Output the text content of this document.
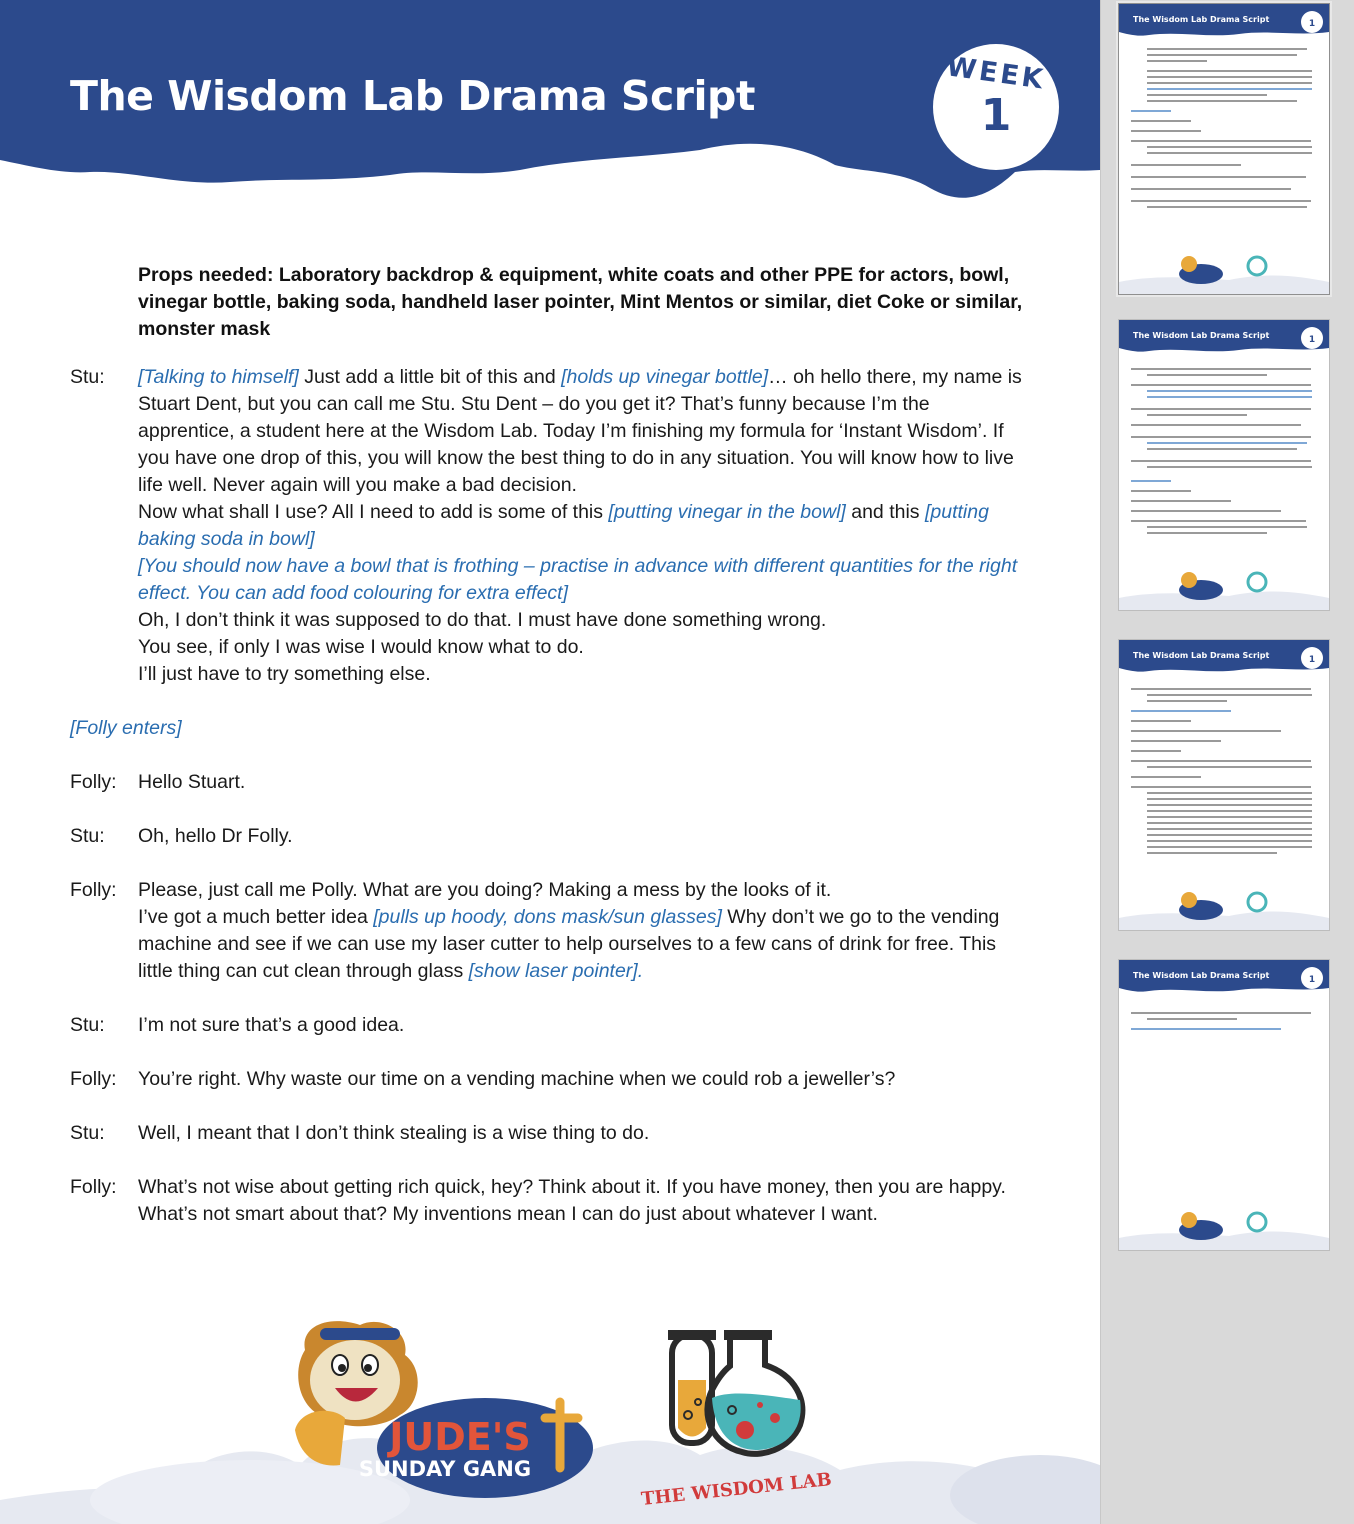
The Wisdom Lab Drama Script	WEEK
1

Props needed: Laboratory backdrop & equipment, white coats and other PPE for actors, bowl, vinegar bottle, baking soda, handheld laser pointer, Mint Mentos or similar, diet Coke or similar, monster mask

Stu: [Talking to himself] Just add a little bit of this and [holds up vinegar bottle]… oh hello there, my name is Stuart Dent, but you can call me Stu. Stu Dent – do you get it? That’s funny because I’m the apprentice, a student here at the Wisdom Lab. Today I’m finishing my formula for ‘Instant Wisdom’. If you have one drop of this, you will know the best thing to do in any situation. You will know how to live life well. Never again will you make a bad decision.
Now what shall I use? All I need to add is some of this [putting vinegar in the bowl] and this [putting baking soda in bowl]
[You should now have a bowl that is frothing – practise in advance with different quantities for the right effect. You can add food colouring for extra effect]
Oh, I don’t think it was supposed to do that. I must have done something wrong.
You see, if only I was wise I would know what to do.
I’ll just have to try something else.
[Folly enters]
Folly: Hello Stuart.
Stu: Oh, hello Dr Folly.
Folly: Please, just call me Polly. What are you doing? Making a mess by the looks of it.
I’ve got a much better idea [pulls up hoody, dons mask/sun glasses] Why don’t we go to the vending machine and see if we can use my laser cutter to help ourselves to a few cans of drink for free. This little thing can cut clean through glass [show laser pointer].
Stu: I’m not sure that’s a good idea.
Folly: You’re right. Why waste our time on a vending machine when we could rob a jeweller’s?
Stu: Well, I meant that I don’t think stealing is a wise thing to do.
Folly: What’s not wise about getting rich quick, hey? Think about it. If you have money, then you are happy. What’s not smart about that? My inventions mean I can do just about whatever I want.
JUDE'S
SUNDAY GANG
THE WISDOM LAB
The Wisdom Lab Drama Script	1
The Wisdom Lab Drama Script	1
The Wisdom Lab Drama Script	1
The Wisdom Lab Drama Script	1
